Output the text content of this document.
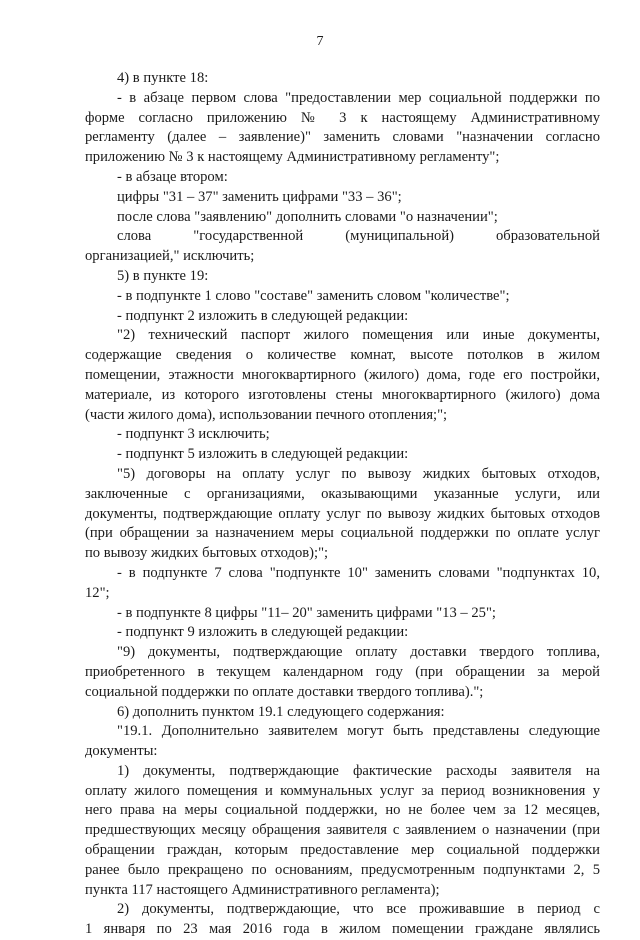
7
4) в пункте 18:
- в абзаце первом слова "предоставлении мер социальной поддержки по
форме согласно приложению № 3 к настоящему Административному
регламенту (далее – заявление)" заменить словами "назначении согласно
приложению № 3 к настоящему Административному регламенту";
- в абзаце втором:
цифры "31 – 37" заменить цифрами "33 – 36";
после слова "заявлению" дополнить словами "о назначении";
слова "государственной (муниципальной) образовательной
организацией," исключить;
5) в пункте 19:
- в подпункте 1 слово "составе" заменить словом "количестве";
- подпункт 2 изложить в следующей редакции:
"2) технический паспорт жилого помещения или иные документы,
содержащие сведения о количестве комнат, высоте потолков в жилом
помещении, этажности многоквартирного (жилого) дома, годе его постройки,
материале, из которого изготовлены стены многоквартирного (жилого) дома
(части жилого дома), использовании печного отопления;";
- подпункт 3 исключить;
- подпункт 5 изложить в следующей редакции:
"5) договоры на оплату услуг по вывозу жидких бытовых отходов,
заключенные с организациями, оказывающими указанные услуги, или
документы, подтверждающие оплату услуг по вывозу жидких бытовых отходов
(при обращении за назначением меры социальной поддержки по оплате услуг
по вывозу жидких бытовых отходов);";
- в подпункте 7 слова "подпункте 10" заменить словами "подпунктах 10,
12";
- в подпункте 8 цифры "11– 20" заменить цифрами "13 – 25";
- подпункт 9 изложить в следующей редакции:
"9) документы, подтверждающие оплату доставки твердого топлива,
приобретенного в текущем календарном году (при обращении за мерой
социальной поддержки по оплате доставки твердого топлива).";
6) дополнить пунктом 19.1 следующего содержания:
"19.1. Дополнительно заявителем могут быть представлены следующие
документы:
1) документы, подтверждающие фактические расходы заявителя на
оплату жилого помещения и коммунальных услуг за период возникновения у
него права на меры социальной поддержки, но не более чем за 12 месяцев,
предшествующих месяцу обращения заявителя с заявлением о назначении (при
обращении граждан, которым предоставление мер социальной поддержки
ранее было прекращено по основаниям, предусмотренным подпунктами 2, 5
пункта 117 настоящего Административного регламента);
2) документы, подтверждающие, что все проживавшие в период с
1 января по 23 мая 2016 года в жилом помещении граждане являлись
